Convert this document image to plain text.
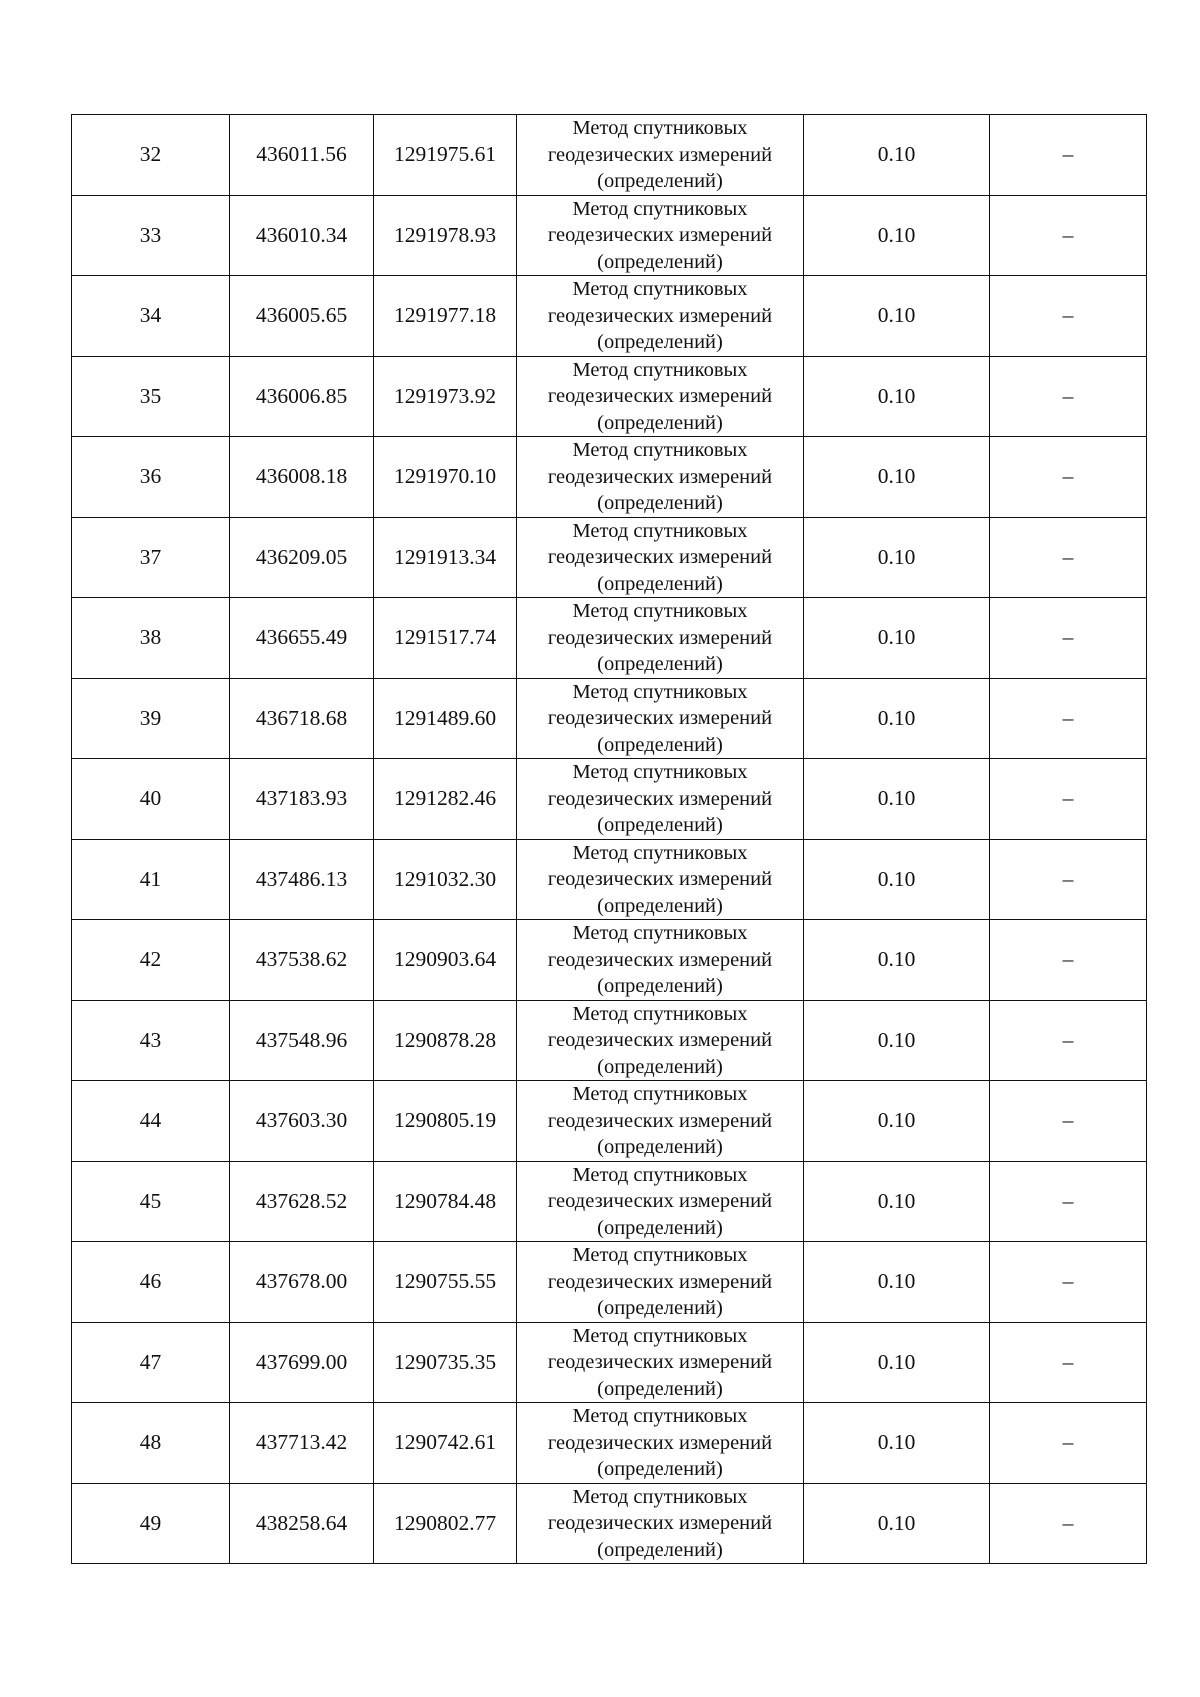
32	436011.56	1291975.61	Метод спутниковых геодезических измерений (определений)	0.10	–
33	436010.34	1291978.93	Метод спутниковых геодезических измерений (определений)	0.10	–
34	436005.65	1291977.18	Метод спутниковых геодезических измерений (определений)	0.10	–
35	436006.85	1291973.92	Метод спутниковых геодезических измерений (определений)	0.10	–
36	436008.18	1291970.10	Метод спутниковых геодезических измерений (определений)	0.10	–
37	436209.05	1291913.34	Метод спутниковых геодезических измерений (определений)	0.10	–
38	436655.49	1291517.74	Метод спутниковых геодезических измерений (определений)	0.10	–
39	436718.68	1291489.60	Метод спутниковых геодезических измерений (определений)	0.10	–
40	437183.93	1291282.46	Метод спутниковых геодезических измерений (определений)	0.10	–
41	437486.13	1291032.30	Метод спутниковых геодезических измерений (определений)	0.10	–
42	437538.62	1290903.64	Метод спутниковых геодезических измерений (определений)	0.10	–
43	437548.96	1290878.28	Метод спутниковых геодезических измерений (определений)	0.10	–
44	437603.30	1290805.19	Метод спутниковых геодезических измерений (определений)	0.10	–
45	437628.52	1290784.48	Метод спутниковых геодезических измерений (определений)	0.10	–
46	437678.00	1290755.55	Метод спутниковых геодезических измерений (определений)	0.10	–
47	437699.00	1290735.35	Метод спутниковых геодезических измерений (определений)	0.10	–
48	437713.42	1290742.61	Метод спутниковых геодезических измерений (определений)	0.10	–
49	438258.64	1290802.77	Метод спутниковых геодезических измерений (определений)	0.10	–
